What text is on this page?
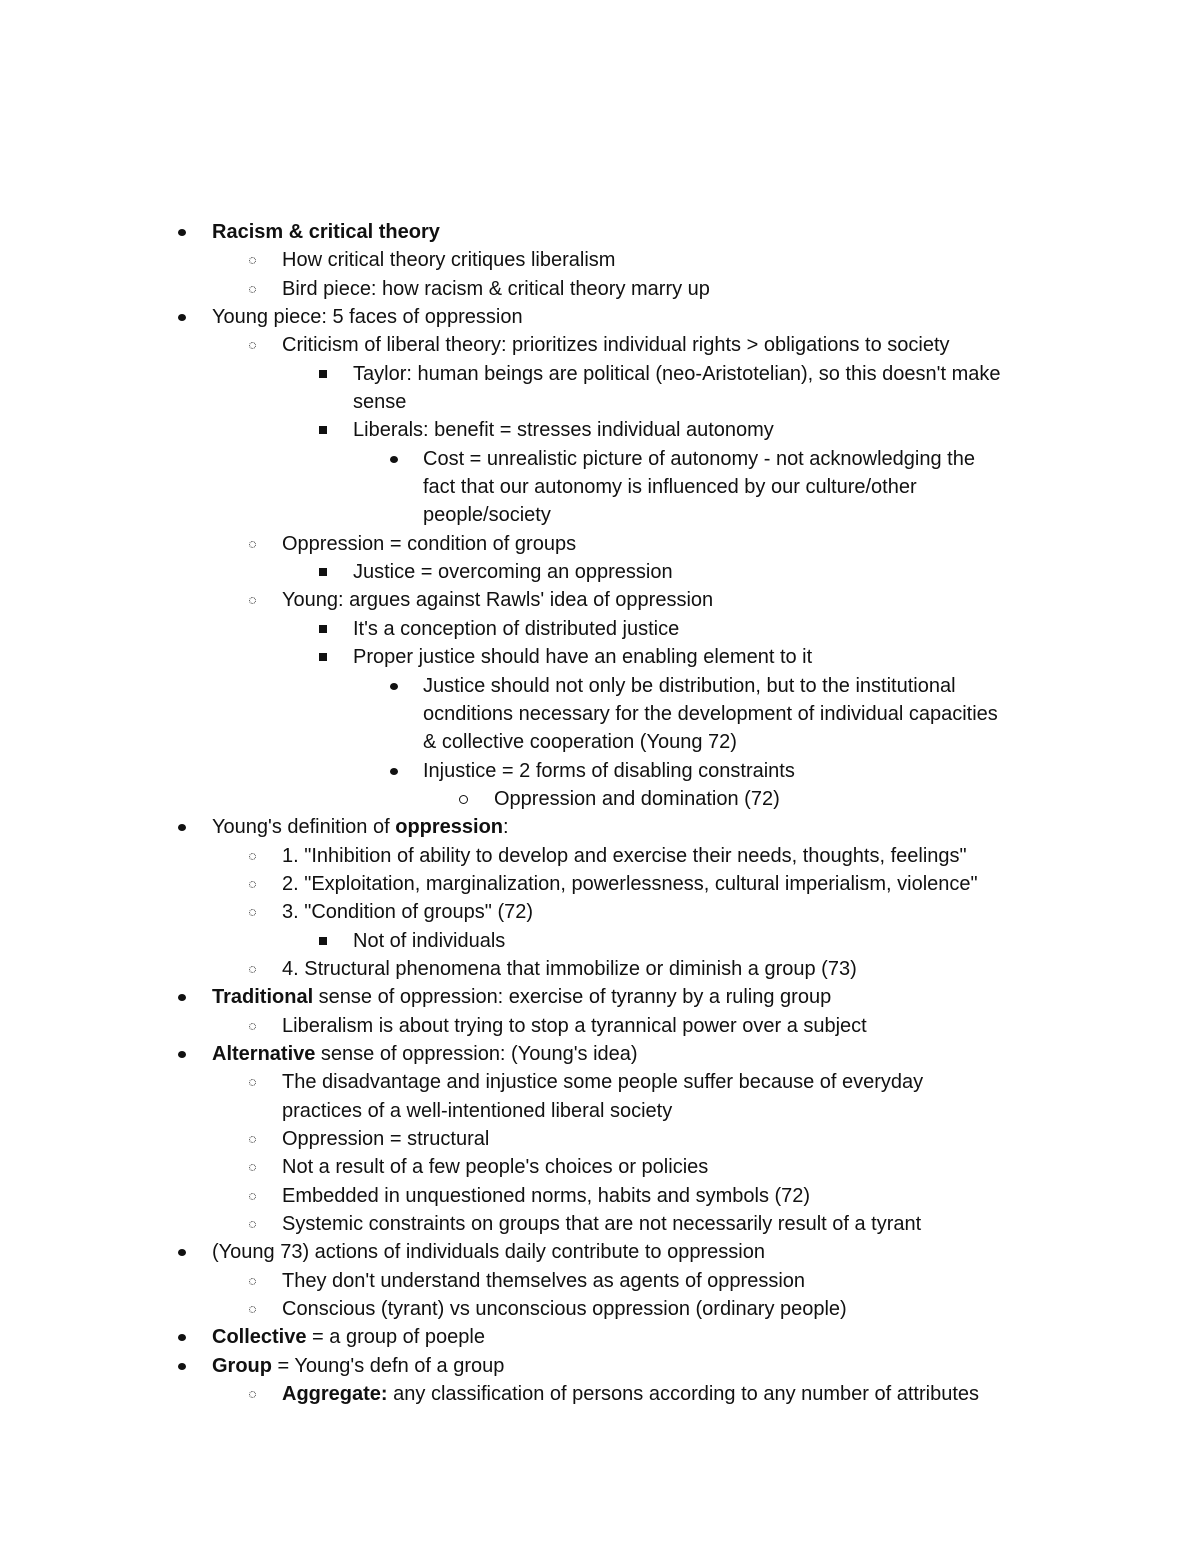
Racism & critical theory
How critical theory critiques liberalism
Bird piece: how racism & critical theory marry up
Young piece: 5 faces of oppression
Criticism of liberal theory: prioritizes individual rights > obligations to society
Taylor: human beings are political (neo-Aristotelian), so this doesn't make
sense
Liberals: benefit = stresses individual autonomy
Cost = unrealistic picture of autonomy - not acknowledging the
fact that our autonomy is influenced by our culture/other
people/society
Oppression = condition of groups
Justice = overcoming an oppression
Young: argues against Rawls' idea of oppression
It's a conception of distributed justice
Proper justice should have an enabling element to it
Justice should not only be distribution, but to the institutional
ocnditions necessary for the development of individual capacities
& collective cooperation (Young 72)
Injustice = 2 forms of disabling constraints
Oppression and domination (72)
Young's definition of oppression:
1. "Inhibition of ability to develop and exercise their needs, thoughts, feelings"
2. "Exploitation, marginalization, powerlessness, cultural imperialism, violence"
3. "Condition of groups" (72)
Not of individuals
4. Structural phenomena that immobilize or diminish a group (73)
Traditional sense of oppression: exercise of tyranny by a ruling group
Liberalism is about trying to stop a tyrannical power over a subject
Alternative sense of oppression: (Young's idea)
The disadvantage and injustice some people suffer because of everyday
practices of a well-intentioned liberal society
Oppression = structural
Not a result of a few people's choices or policies
Embedded in unquestioned norms, habits and symbols (72)
Systemic constraints on groups that are not necessarily result of a tyrant
(Young 73) actions of individuals daily contribute to oppression
They don't understand themselves as agents of oppression
Conscious (tyrant) vs unconscious oppression (ordinary people)
Collective = a group of poeple
Group = Young's defn of a group
Aggregate: any classification of persons according to any number of attributes
